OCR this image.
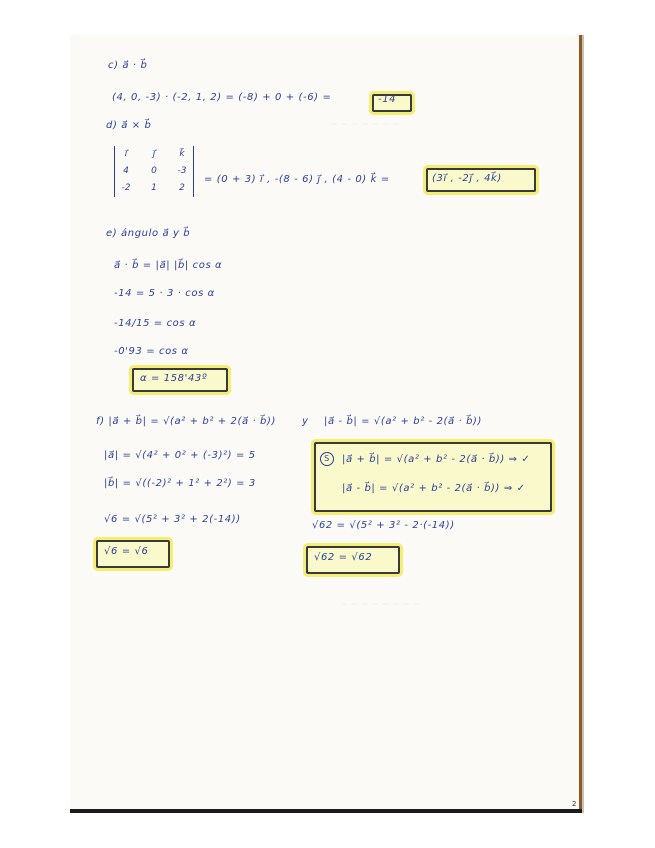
~ ~ ~ ~ ~ ~ ~
~ ~ ~ ~ ~ ~ ~ ~
c) a⃗ · b⃗
(4, 0, -3) · (-2, 1, 2) = (-8) + 0 + (-6) =	-14
d) a⃗ × b⃗
i⃗	j⃗	k⃗
4	0	-3
-2	1	2
= (0 + 3) i⃗ , -(8 - 6) j⃗ , (4 - 0) k⃗ =	(3i⃗ , -2j⃗ , 4k⃗)
e) ángulo a⃗ y b⃗
a⃗ · b⃗ = |a⃗| |b⃗| cos α
-14 = 5 · 3 · cos α
-14/15 = cos α
-0'93 = cos α
α = 158'43º
f) |a⃗ + b⃗| = √(a² + b² + 2(a⃗ · b⃗))	y |a⃗ - b⃗| = √(a² + b² - 2(a⃗ · b⃗))
|a⃗| = √(4² + 0² + (-3)²) = 5
|b⃗| = √((-2)² + 1² + 2²) = 3
S	|a⃗ + b⃗| = √(a² + b² - 2(a⃗ · b⃗)) ⇒ ✓
|a⃗ - b⃗| = √(a² + b² - 2(a⃗ · b⃗)) ⇒ ✓
√6 = √(5² + 3² + 2(-14))
√62 = √(5² + 3² - 2·(-14))
√6 = √6
√62 = √62
2
